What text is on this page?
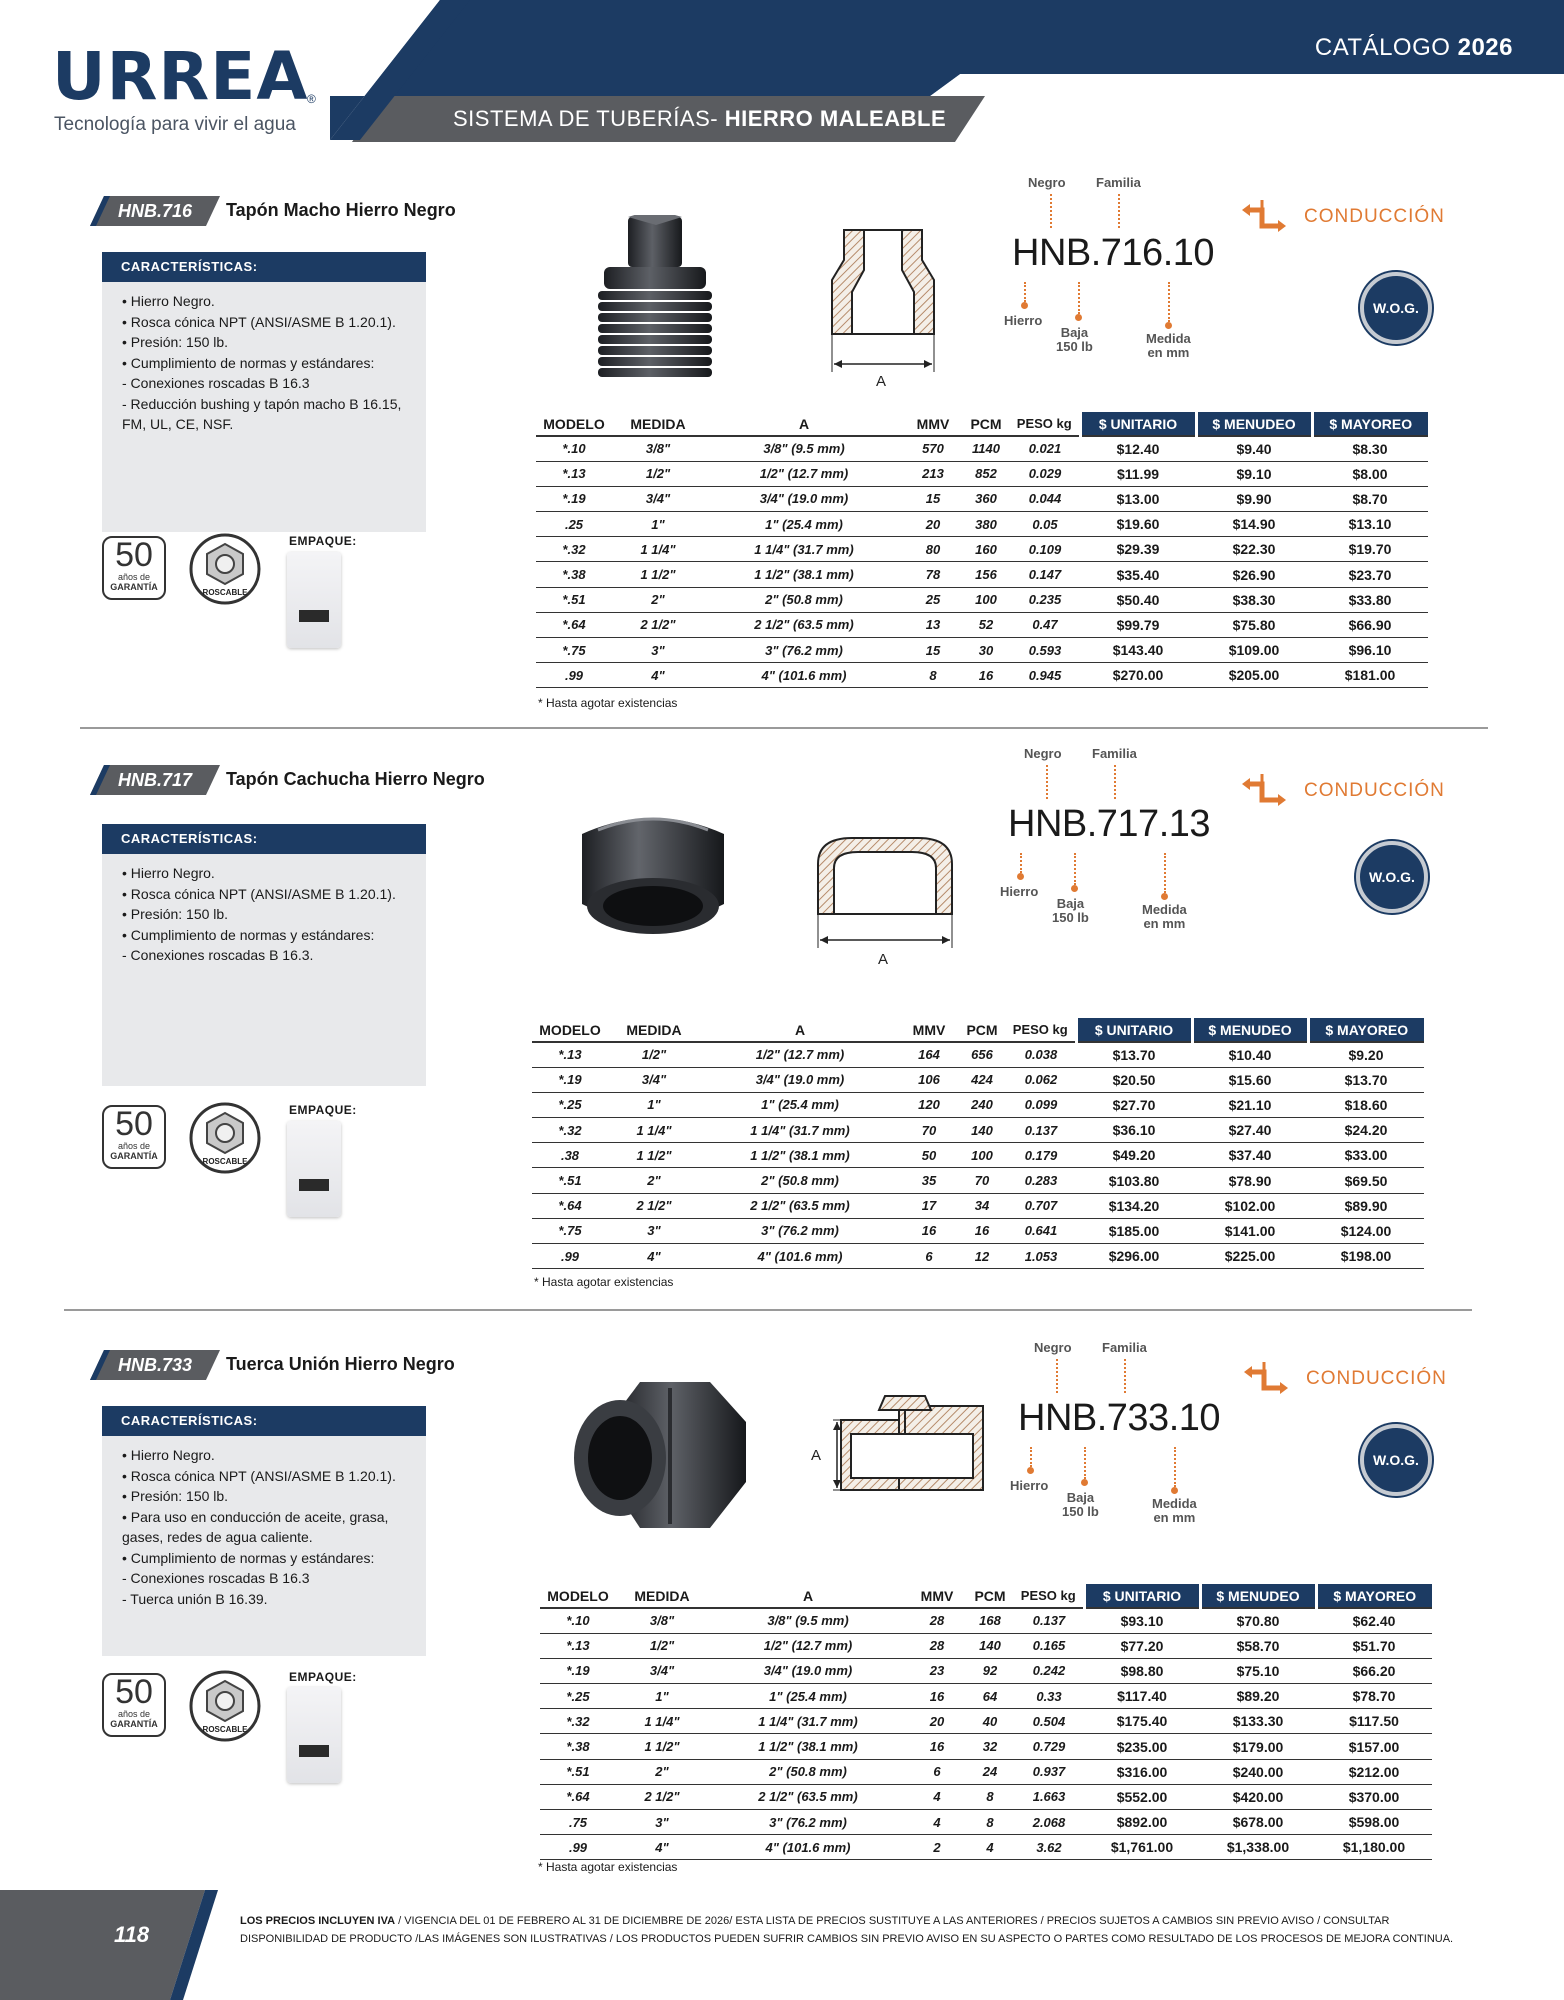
URREA
®
Tecnología para vivir el agua
CATÁLOGO 2026
SISTEMA DE TUBERÍAS- HIERRO MALEABLE
HNB.716	Tapón Macho Hierro Negro
CARACTERÍSTICAS:
• Hierro Negro.
• Rosca cónica NPT (ANSI/ASME B 1.20.1).
• Presión: 150 lb.
• Cumplimiento de normas y estándares:
- Conexiones roscadas B 16.3
- Reducción bushing y tapón macho B 16.15,
FM, UL, CE, NSF.
50
años de
GARANTÍA
ROSCABLE
EMPAQUE:
Negro Familia
HNB.716.10
Hierro
Baja
150 lb
Medida
en mm
CONDUCCIÓN
W.O.G.
MODELO	MEDIDA	A	MMV	PCM	PESO kg	$ UNITARIO	$ MENUDEO	$ MAYOREO
*.10	3/8"	3/8" (9.5 mm)	570	1140	0.021	$12.40	$9.40	$8.30
*.13	1/2"	1/2" (12.7 mm)	213	852	0.029	$11.99	$9.10	$8.00
*.19	3/4"	3/4" (19.0 mm)	15	360	0.044	$13.00	$9.90	$8.70
.25	1"	1" (25.4 mm)	20	380	0.05	$19.60	$14.90	$13.10
*.32	1 1/4"	1 1/4" (31.7 mm)	80	160	0.109	$29.39	$22.30	$19.70
*.38	1 1/2"	1 1/2" (38.1 mm)	78	156	0.147	$35.40	$26.90	$23.70
*.51	2"	2" (50.8 mm)	25	100	0.235	$50.40	$38.30	$33.80
*.64	2 1/2"	2 1/2" (63.5 mm)	13	52	0.47	$99.79	$75.80	$66.90
*.75	3"	3" (76.2 mm)	15	30	0.593	$143.40	$109.00	$96.10
.99	4"	4" (101.6 mm)	8	16	0.945	$270.00	$205.00	$181.00
* Hasta agotar existencias
A
HNB.717	Tapón Cachucha Hierro Negro
CARACTERÍSTICAS:
• Hierro Negro.
• Rosca cónica NPT (ANSI/ASME B 1.20.1).
• Presión: 150 lb.
• Cumplimiento de normas y estándares:
- Conexiones roscadas B 16.3.
50
años de
GARANTÍA
ROSCABLE
EMPAQUE:
Negro Familia
HNB.717.13
Hierro
Baja
150 lb
Medida
en mm
CONDUCCIÓN
W.O.G.
MODELO	MEDIDA	A	MMV	PCM	PESO kg	$ UNITARIO	$ MENUDEO	$ MAYOREO
*.13	1/2"	1/2" (12.7 mm)	164	656	0.038	$13.70	$10.40	$9.20
*.19	3/4"	3/4" (19.0 mm)	106	424	0.062	$20.50	$15.60	$13.70
*.25	1"	1" (25.4 mm)	120	240	0.099	$27.70	$21.10	$18.60
*.32	1 1/4"	1 1/4" (31.7 mm)	70	140	0.137	$36.10	$27.40	$24.20
.38	1 1/2"	1 1/2" (38.1 mm)	50	100	0.179	$49.20	$37.40	$33.00
*.51	2"	2" (50.8 mm)	35	70	0.283	$103.80	$78.90	$69.50
*.64	2 1/2"	2 1/2" (63.5 mm)	17	34	0.707	$134.20	$102.00	$89.90
*.75	3"	3" (76.2 mm)	16	16	0.641	$185.00	$141.00	$124.00
.99	4"	4" (101.6 mm)	6	12	1.053	$296.00	$225.00	$198.00
* Hasta agotar existencias
A
HNB.733	Tuerca Unión Hierro Negro
CARACTERÍSTICAS:
• Hierro Negro.
• Rosca cónica NPT (ANSI/ASME B 1.20.1).
• Presión: 150 lb.
• Para uso en conducción de aceite, grasa,
gases, redes de agua caliente.
• Cumplimiento de normas y estándares:
- Conexiones roscadas B 16.3
- Tuerca unión B 16.39.
50
años de
GARANTÍA
ROSCABLE
EMPAQUE:
Negro Familia
HNB.733.10
Hierro
Baja
150 lb
Medida
en mm
CONDUCCIÓN
W.O.G.
MODELO	MEDIDA	A	MMV	PCM	PESO kg	$ UNITARIO	$ MENUDEO	$ MAYOREO
*.10	3/8"	3/8" (9.5 mm)	28	168	0.137	$93.10	$70.80	$62.40
*.13	1/2"	1/2" (12.7 mm)	28	140	0.165	$77.20	$58.70	$51.70
*.19	3/4"	3/4" (19.0 mm)	23	92	0.242	$98.80	$75.10	$66.20
*.25	1"	1" (25.4 mm)	16	64	0.33	$117.40	$89.20	$78.70
*.32	1 1/4"	1 1/4" (31.7 mm)	20	40	0.504	$175.40	$133.30	$117.50
*.38	1 1/2"	1 1/2" (38.1 mm)	16	32	0.729	$235.00	$179.00	$157.00
*.51	2"	2" (50.8 mm)	6	24	0.937	$316.00	$240.00	$212.00
*.64	2 1/2"	2 1/2" (63.5 mm)	4	8	1.663	$552.00	$420.00	$370.00
.75	3"	3" (76.2 mm)	4	8	2.068	$892.00	$678.00	$598.00
.99	4"	4" (101.6 mm)	2	4	3.62	$1,761.00	$1,338.00	$1,180.00
* Hasta agotar existencias
A
118
LOS PRECIOS INCLUYEN IVA / VIGENCIA DEL 01 DE FEBRERO AL 31 DE DICIEMBRE DE 2026/ ESTA LISTA DE PRECIOS SUSTITUYE A LAS ANTERIORES / PRECIOS SUJETOS A CAMBIOS SIN PREVIO AVISO / CONSULTAR DISPONIBILIDAD DE PRODUCTO /LAS IMÁGENES SON ILUSTRATIVAS / LOS PRODUCTOS PUEDEN SUFRIR CAMBIOS SIN PREVIO AVISO EN SU ASPECTO O PARTES COMO RESULTADO DE LOS PROCESOS DE MEJORA CONTINUA.
